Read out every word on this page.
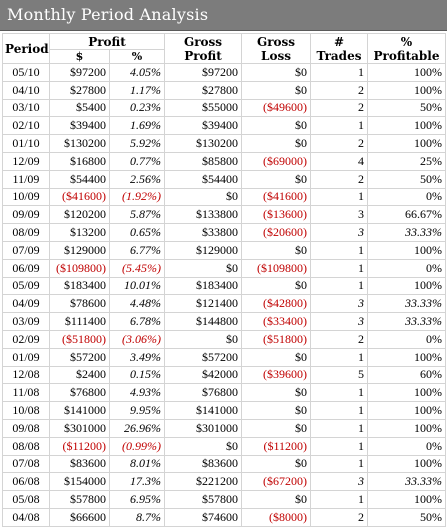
Monthly Period Analysis
Period	Profit		Gross Profit	Gross Loss	# Trades	% Profitable
	$	%				
05/10	$97200	4.05%	$97200	$0	1	100%
04/10	$27800	1.17%	$27800	$0	2	100%
03/10	$5400	0.23%	$55000	($49600)	2	50%
02/10	$39400	1.69%	$39400	$0	1	100%
01/10	$130200	5.92%	$130200	$0	2	100%
12/09	$16800	0.77%	$85800	($69000)	4	25%
11/09	$54400	2.56%	$54400	$0	2	50%
10/09	($41600)	(1.92%)	$0	($41600)	1	0%
09/09	$120200	5.87%	$133800	($13600)	3	66.67%
08/09	$13200	0.65%	$33800	($20600)	3	33.33%
07/09	$129000	6.77%	$129000	$0	1	100%
06/09	($109800)	(5.45%)	$0	($109800)	1	0%
05/09	$183400	10.01%	$183400	$0	1	100%
04/09	$78600	4.48%	$121400	($42800)	3	33.33%
03/09	$111400	6.78%	$144800	($33400)	3	33.33%
02/09	($51800)	(3.06%)	$0	($51800)	2	0%
01/09	$57200	3.49%	$57200	$0	1	100%
12/08	$2400	0.15%	$42000	($39600)	5	60%
11/08	$76800	4.93%	$76800	$0	1	100%
10/08	$141000	9.95%	$141000	$0	1	100%
09/08	$301000	26.96%	$301000	$0	1	100%
08/08	($11200)	(0.99%)	$0	($11200)	1	0%
07/08	$83600	8.01%	$83600	$0	1	100%
06/08	$154000	17.3%	$221200	($67200)	3	33.33%
05/08	$57800	6.95%	$57800	$0	1	100%
04/08	$66600	8.7%	$74600	($8000)	2	50%
